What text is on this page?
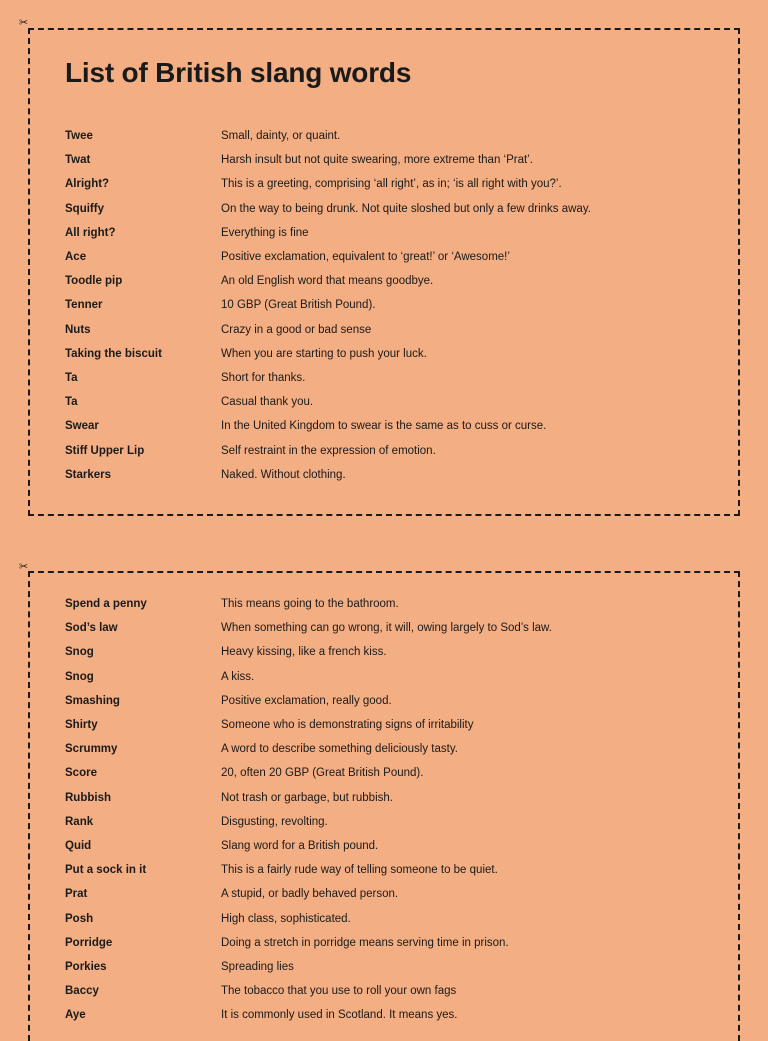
✂
List of British slang words
Twee	Small, dainty, or quaint.
Twat	Harsh insult but not quite swearing, more extreme than ‘Prat’.
Alright?	This is a greeting, comprising ‘all right’, as in; ‘is all right with you?’.
Squiffy	On the way to being drunk. Not quite sloshed but only a few drinks away.
All right?	Everything is fine
Ace	Positive exclamation, equivalent to ‘great!’ or ‘Awesome!’
Toodle pip	An old English word that means goodbye.
Tenner	10 GBP (Great British Pound).
Nuts	Crazy in a good or bad sense
Taking the biscuit	When you are starting to push your luck.
Ta	Short for thanks.
Ta	Casual thank you.
Swear	In the United Kingdom to swear is the same as to cuss or curse.
Stiff Upper Lip	Self restraint in the expression of emotion.
Starkers	Naked. Without clothing.
✂
Spend a penny	This means going to the bathroom.
Sod’s law	When something can go wrong, it will, owing largely to Sod’s law.
Snog	Heavy kissing, like a french kiss.
Snog	A kiss.
Smashing	Positive exclamation, really good.
Shirty	Someone who is demonstrating signs of irritability
Scrummy	A word to describe something deliciously tasty.
Score	20, often 20 GBP (Great British Pound).
Rubbish	Not trash or garbage, but rubbish.
Rank	Disgusting, revolting.
Quid	Slang word for a British pound.
Put a sock in it	This is a fairly rude way of telling someone to be quiet.
Prat	A stupid, or badly behaved person.
Posh	High class, sophisticated.
Porridge	Doing a stretch in porridge means serving time in prison.
Porkies	Spreading lies
Baccy	The tobacco that you use to roll your own fags
Aye	It is commonly used in Scotland. It means yes.
